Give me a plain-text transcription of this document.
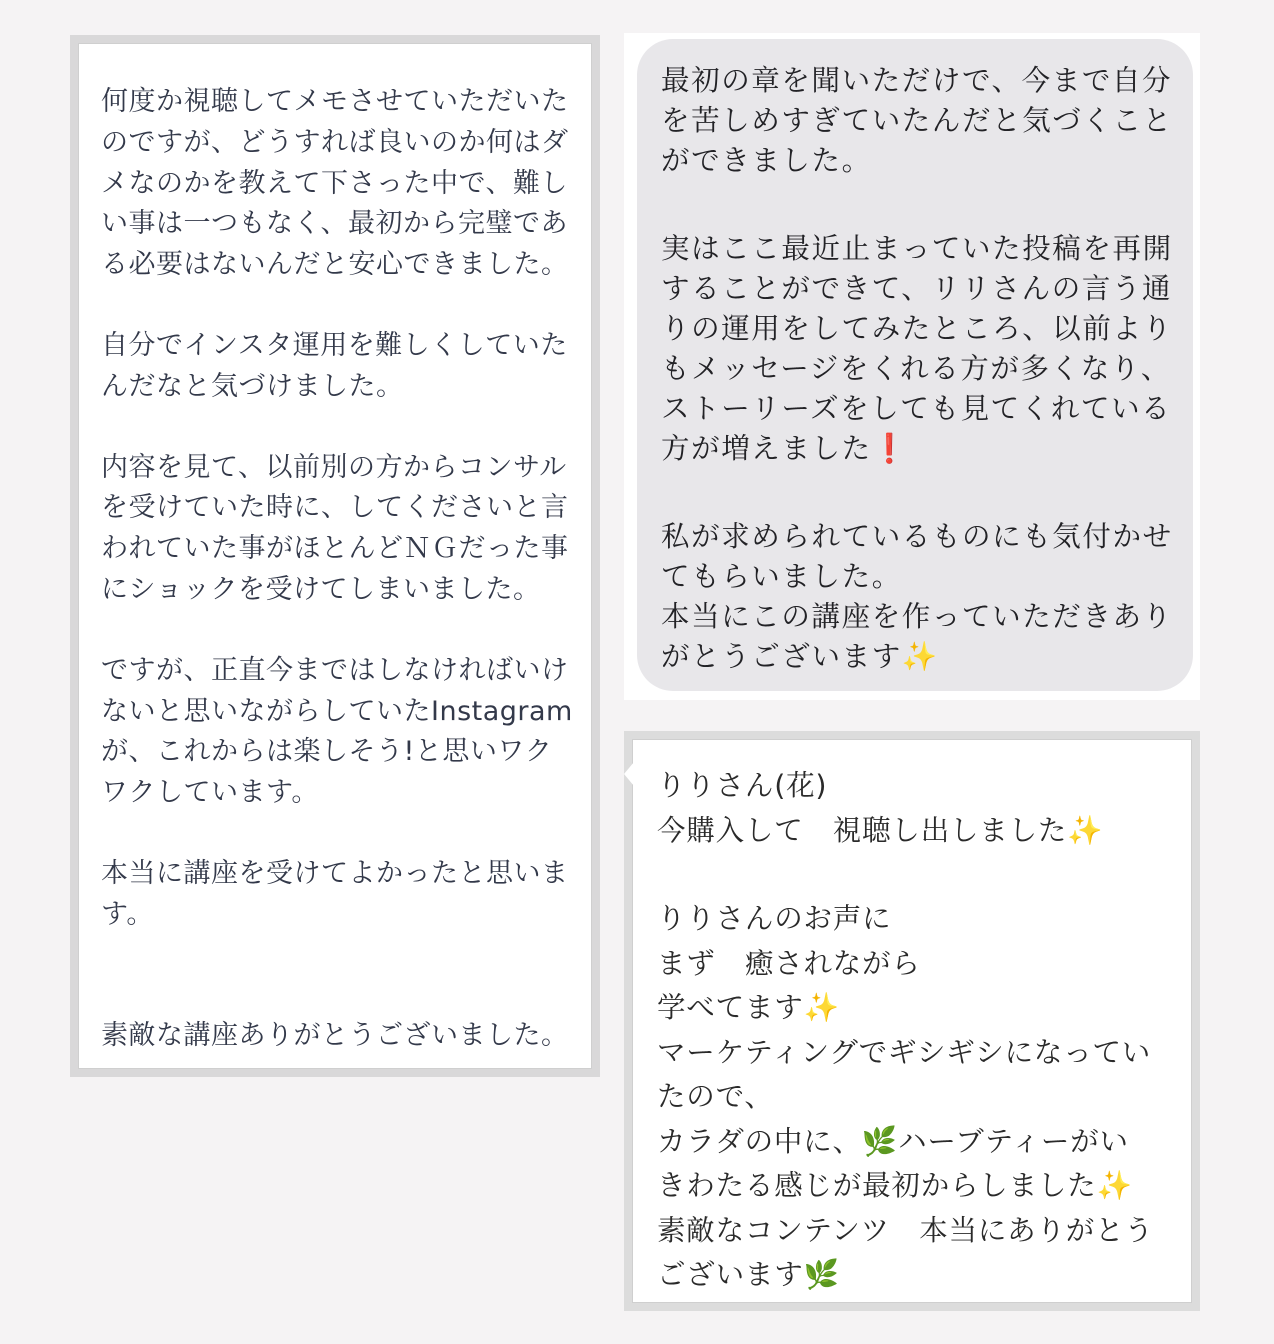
何度か視聴してメモさせていただいた
のですが、どうすれば良いのか何はダ
メなのかを教えて下さった中で、難し
い事は一つもなく、最初から完璧であ
る必要はないんだと安心できました。

自分でインスタ運用を難しくしていた
んだなと気づけました。

内容を見て、以前別の方からコンサル
を受けていた時に、してくださいと言
われていた事がほとんどＮＧだった事
にショックを受けてしまいました。

ですが、正直今まではしなければいけ
ないと思いながらしていたInstagram
が、これからは楽しそう!と思いワク
ワクしています。

本当に講座を受けてよかったと思いま
す。

素敵な講座ありがとうございました。

最初の章を聞いただけで、今まで自分
を苦しめすぎていたんだと気づくこと
ができました。

実はここ最近止まっていた投稿を再開
することができて、リリさんの言う通
りの運用をしてみたところ、以前より
もメッセージをくれる方が多くなり、
ストーリーズをしても見てくれている
方が増えました❗️

私が求められているものにも気付かせ
てもらいました。
本当にこの講座を作っていただきあり
がとうございます✨

りりさん(花)
今購入して　視聴し出しました✨

りりさんのお声に
まず　癒されながら
学べてます✨
マーケティングでギシギシになってい
たので、
カラダの中に、🌿ハーブティーがい
きわたる感じが最初からしました✨
素敵なコンテンツ　本当にありがとう
ございます🌿
